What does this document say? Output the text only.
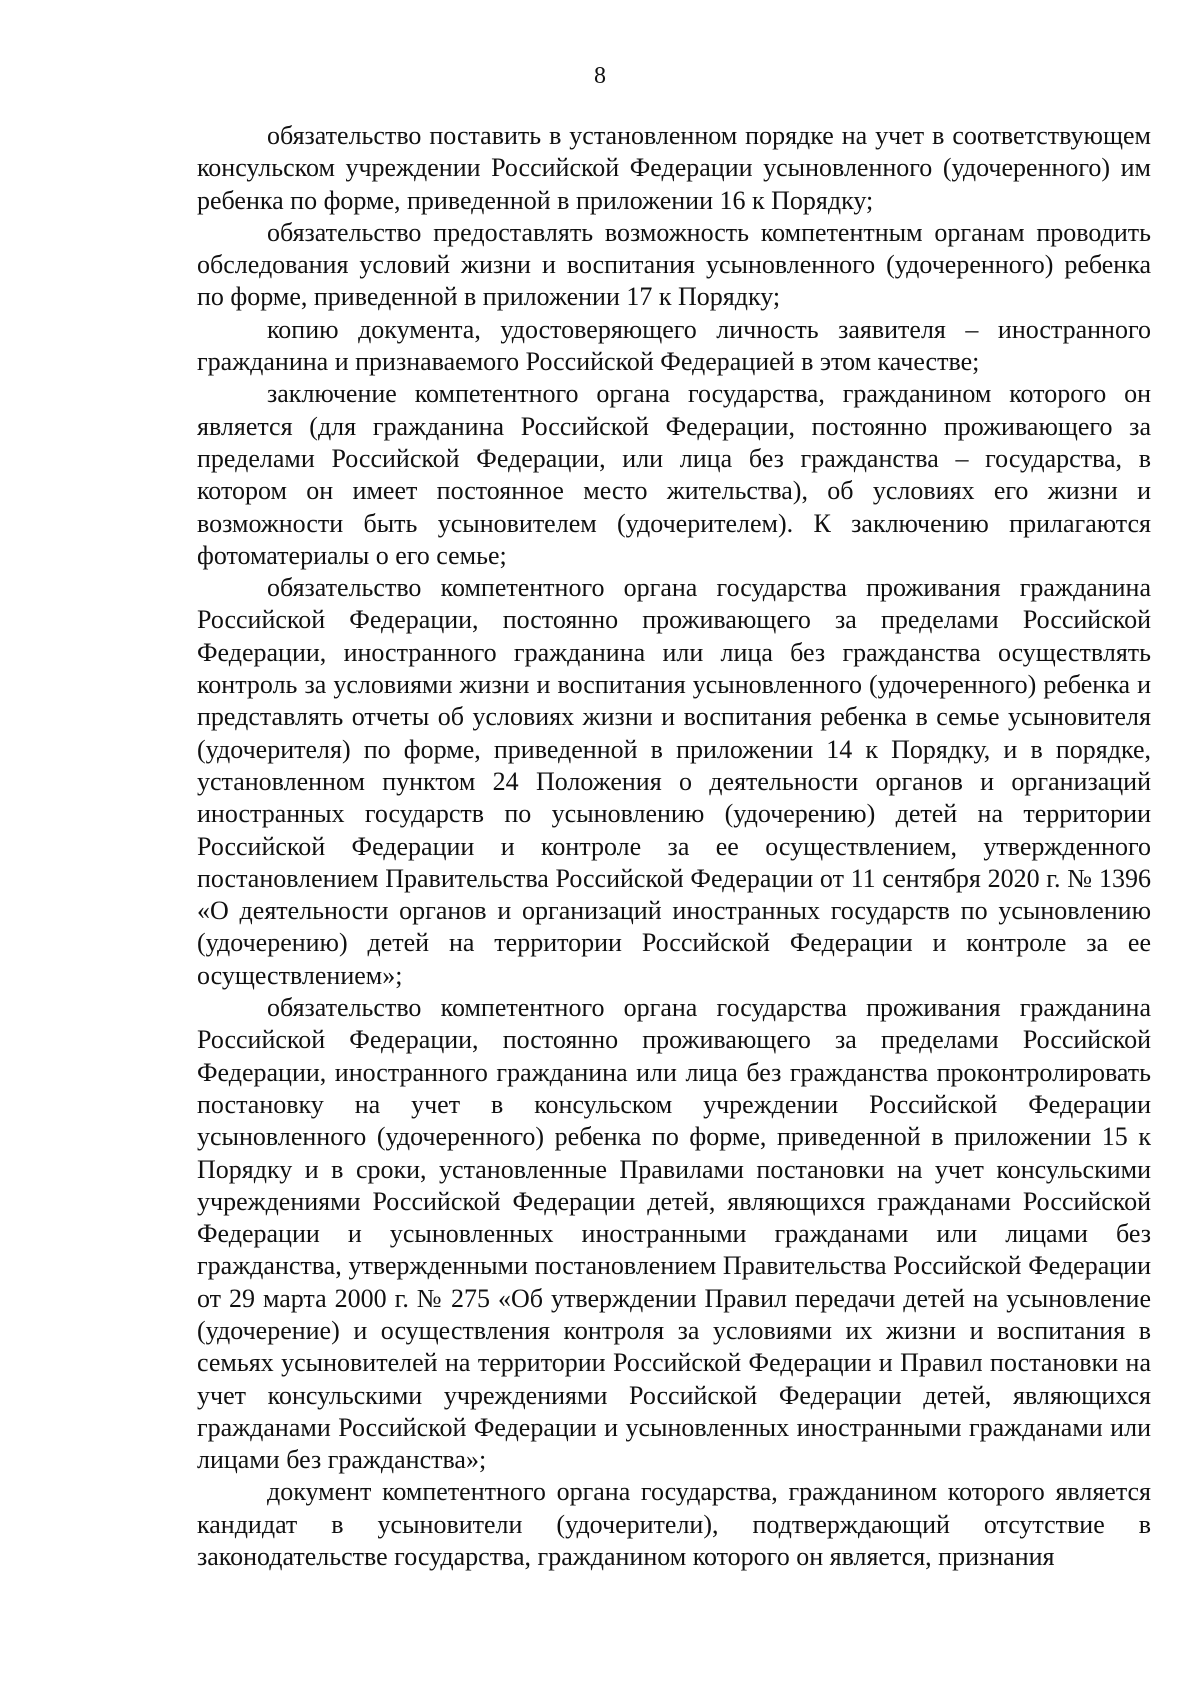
8

обязательство поставить в установленном порядке на учет в соответствующем консульском учреждении Российской Федерации усыновленного (удочеренного) им ребенка по форме, приведенной в приложении 16 к Порядку;

обязательство предоставлять возможность компетентным органам проводить обследования условий жизни и воспитания усыновленного (удочеренного) ребенка по форме, приведенной в приложении 17 к Порядку;

копию документа, удостоверяющего личность заявителя – иностранного гражданина и признаваемого Российской Федерацией в этом качестве;

заключение компетентного органа государства, гражданином которого он является (для гражданина Российской Федерации, постоянно проживающего за пределами Российской Федерации, или лица без гражданства – государства, в котором он имеет постоянное место жительства), об условиях его жизни и возможности быть усыновителем (удочерителем). К заключению прилагаются фотоматериалы о его семье;

обязательство компетентного органа государства проживания гражданина Российской Федерации, постоянно проживающего за пределами Российской Федерации, иностранного гражданина или лица без гражданства осуществлять контроль за условиями жизни и воспитания усыновленного (удочеренного) ребенка и представлять отчеты об условиях жизни и воспитания ребенка в семье усыновителя (удочерителя) по форме, приведенной в приложении 14 к Порядку, и в порядке, установленном пунктом 24 Положения о деятельности органов и организаций иностранных государств по усыновлению (удочерению) детей на территории Российской Федерации и контроле за ее осуществлением, утвержденного постановлением Правительства Российской Федерации от 11 сентября 2020 г. № 1396 «О деятельности органов и организаций иностранных государств по усыновлению (удочерению) детей на территории Российской Федерации и контроле за ее осуществлением»;

обязательство компетентного органа государства проживания гражданина Российской Федерации, постоянно проживающего за пределами Российской Федерации, иностранного гражданина или лица без гражданства проконтролировать постановку на учет в консульском учреждении Российской Федерации усыновленного (удочеренного) ребенка по форме, приведенной в приложении 15 к Порядку и в сроки, установленные Правилами постановки на учет консульскими учреждениями Российской Федерации детей, являющихся гражданами Российской Федерации и усыновленных иностранными гражданами или лицами без гражданства, утвержденными постановлением Правительства Российской Федерации от 29 марта 2000 г. № 275 «Об утверждении Правил передачи детей на усыновление (удочерение) и осуществления контроля за условиями их жизни и воспитания в семьях усыновителей на территории Российской Федерации и Правил постановки на учет консульскими учреждениями Российской Федерации детей, являющихся гражданами Российской Федерации и усыновленных иностранными гражданами или лицами без гражданства»;

документ компетентного органа государства, гражданином которого является кандидат в усыновители (удочерители), подтверждающий отсутствие в законодательстве государства, гражданином которого он является, признания
